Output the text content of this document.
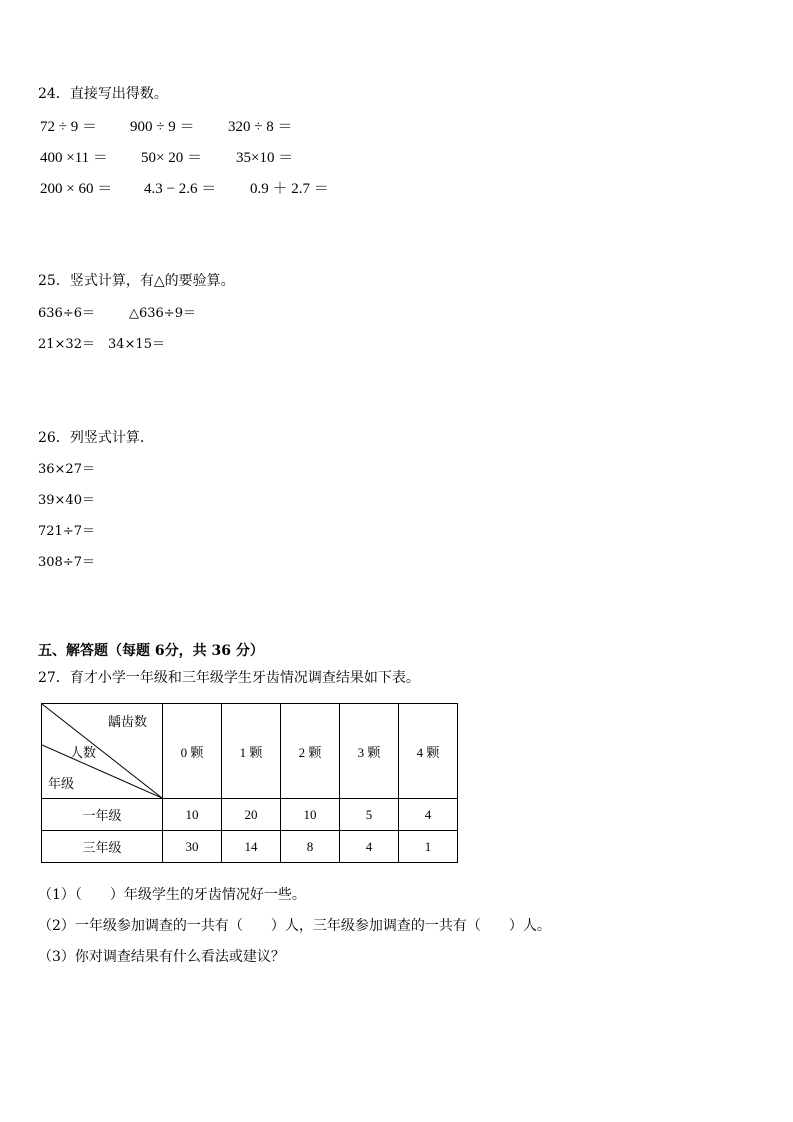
24．直接写出得数。
72 ÷ 9 ＝ 900 ÷ 9 ＝ 320 ÷ 8 ＝
400 ×11 ＝ 50× 20 ＝ 35×10 ＝
200 × 60 ＝ 4.3 − 2.6 ＝ 0.9 ＋ 2.7 ＝
25．竖式计算，有△的要验算。
636÷6＝	△636÷9＝
21×32＝ 34×15＝
26．列竖式计算．
36×27＝
39×40＝
721÷7＝
308÷7＝
五、解答题（每题 6分，共 36 分）
27．育才小学一年级和三年级学生牙齿情况调查结果如下表。
龋齿数
人数
年级	0 颗	1 颗	2 颗	3 颗	4 颗
一年级	10	20	10	5	4
三年级	30	14	8	4	1
（1）（　　）年级学生的牙齿情况好一些。
（2）一年级参加调查的一共有（　　）人，三年级参加调查的一共有（　　）人。
（3）你对调查结果有什么看法或建议？
